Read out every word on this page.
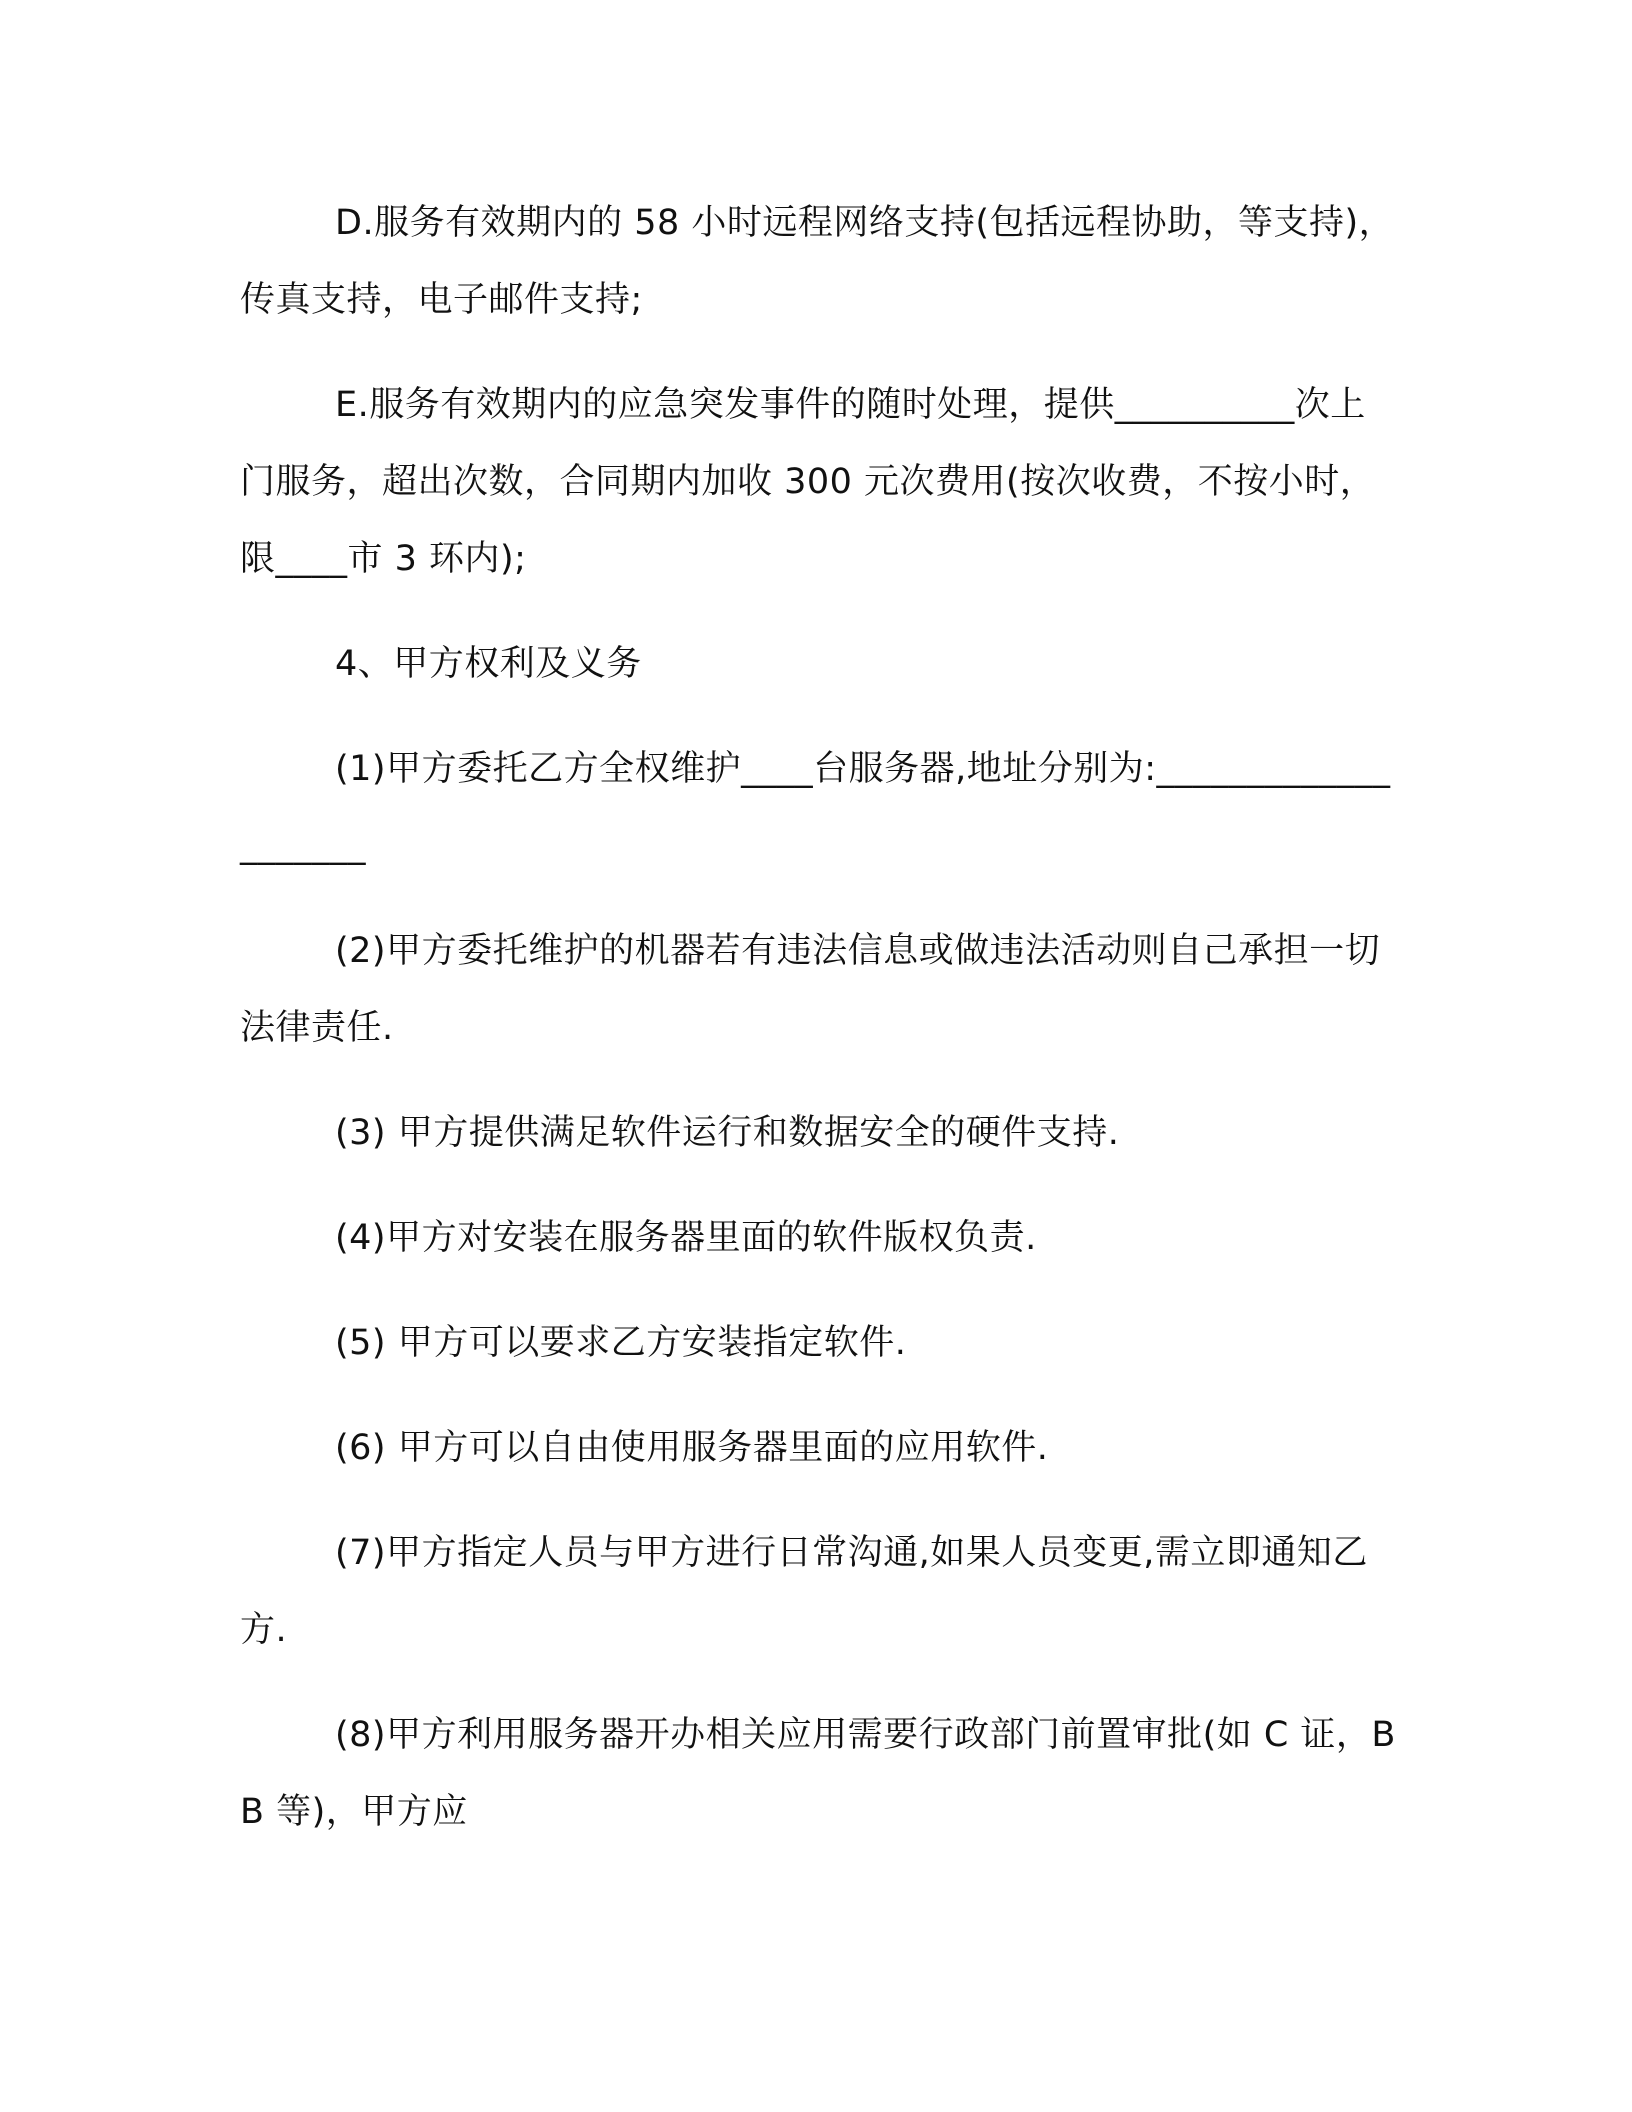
D.服务有效期内的 58 小时远程网络支持(包括远程协助，等支持)，传真支持，电子邮件支持;

E.服务有效期内的应急突发事件的随时处理，提供__________次上门服务，超出次数，合同期内加收 300 元次费用(按次收费，不按小时，限____市 3 环内);

4、甲方权利及义务

(1)甲方委托乙方全权维护____台服务器,地址分别为:____________________

(2)甲方委托维护的机器若有违法信息或做违法活动则自己承担一切法律责任.

(3) 甲方提供满足软件运行和数据安全的硬件支持.

(4)甲方对安装在服务器里面的软件版权负责.

(5) 甲方可以要求乙方安装指定软件.

(6) 甲方可以自由使用服务器里面的应用软件.

(7)甲方指定人员与甲方进行日常沟通,如果人员变更,需立即通知乙方.

(8)甲方利用服务器开办相关应用需要行政部门前置审批(如 C 证，BB 等)，甲方应
